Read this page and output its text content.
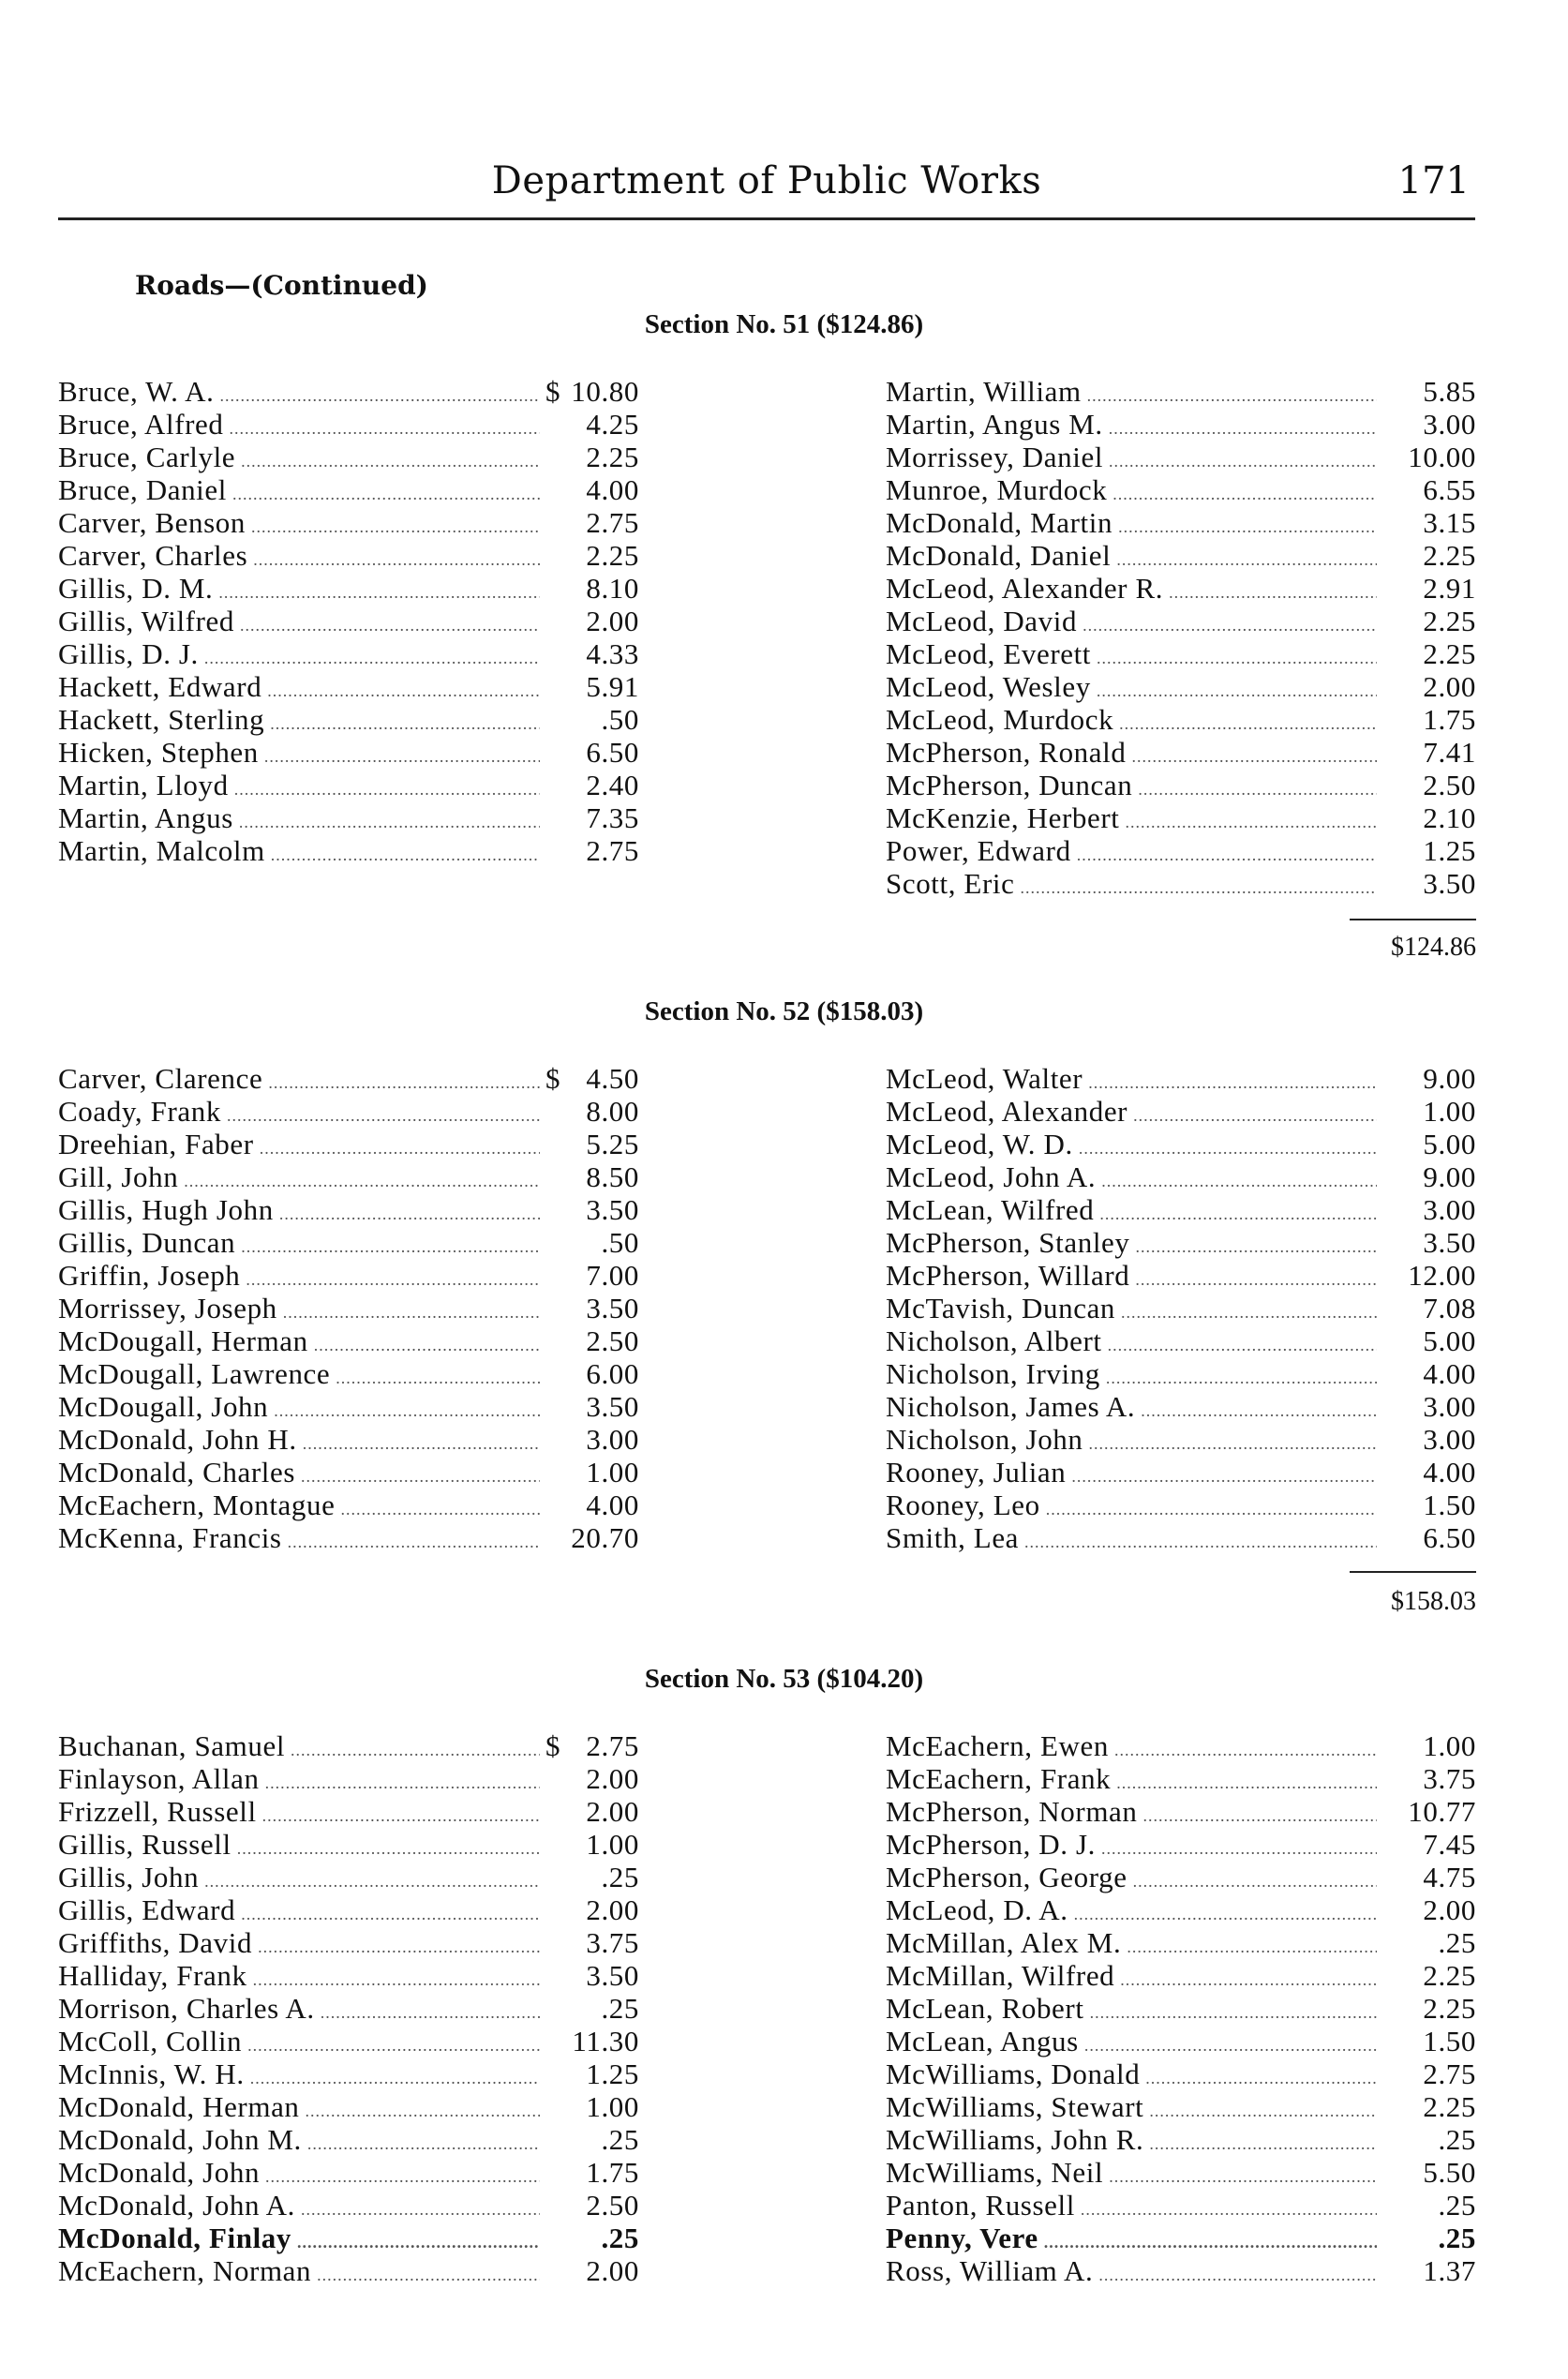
Department of Public Works	171
Roads—(Continued)
Section No. 51 ($124.86)
Bruce, W. A. .....	$ 10.80
Bruce, Alfred .....	4.25
Bruce, Carlyle .....	2.25
Bruce, Daniel .....	4.00
Carver, Benson .....	2.75
Carver, Charles .....	2.25
Gillis, D. M. .....	8.10
Gillis, Wilfred .....	2.00
Gillis, D. J. .....	4.33
Hackett, Edward .....	5.91
Hackett, Sterling .....	.50
Hicken, Stephen .....	6.50
Martin, Lloyd .....	2.40
Martin, Angus .....	7.35
Martin, Malcolm .....	2.75
Martin, William .....	5.85
Martin, Angus M. .....	3.00
Morrissey, Daniel .....	10.00
Munroe, Murdock .....	6.55
McDonald, Martin .....	3.15
McDonald, Daniel .....	2.25
McLeod, Alexander R. .....	2.91
McLeod, David .....	2.25
McLeod, Everett .....	2.25
McLeod, Wesley .....	2.00
McLeod, Murdock .....	1.75
McPherson, Ronald .....	7.41
McPherson, Duncan .....	2.50
McKenzie, Herbert .....	2.10
Power, Edward .....	1.25
Scott, Eric .....	3.50
$124.86
Section No. 52 ($158.03)
Carver, Clarence .....	$ 4.50
Coady, Frank .....	8.00
Dreehian, Faber .....	5.25
Gill, John .....	8.50
Gillis, Hugh John .....	3.50
Gillis, Duncan .....	.50
Griffin, Joseph .....	7.00
Morrissey, Joseph .....	3.50
McDougall, Herman .....	2.50
McDougall, Lawrence .....	6.00
McDougall, John .....	3.50
McDonald, John H. .....	3.00
McDonald, Charles .....	1.00
McEachern, Montague .....	4.00
McKenna, Francis .....	20.70
McLeod, Walter .....	9.00
McLeod, Alexander .....	1.00
McLeod, W. D. .....	5.00
McLeod, John A. .....	9.00
McLean, Wilfred .....	3.00
McPherson, Stanley .....	3.50
McPherson, Willard .....	12.00
McTavish, Duncan .....	7.08
Nicholson, Albert .....	5.00
Nicholson, Irving .....	4.00
Nicholson, James A. .....	3.00
Nicholson, John .....	3.00
Rooney, Julian .....	4.00
Rooney, Leo .....	1.50
Smith, Lea .....	6.50
$158.03
Section No. 53 ($104.20)
Buchanan, Samuel .....	$ 2.75
Finlayson, Allan .....	2.00
Frizzell, Russell .....	2.00
Gillis, Russell .....	1.00
Gillis, John .....	.25
Gillis, Edward .....	2.00
Griffiths, David .....	3.75
Halliday, Frank .....	3.50
Morrison, Charles A. .....	.25
McColl, Collin .....	11.30
McInnis, W. H. .....	1.25
McDonald, Herman .....	1.00
McDonald, John M. .....	.25
McDonald, John .....	1.75
McDonald, John A. .....	2.50
McDonald, Finlay .....	.25
McEachern, Norman .....	2.00
McEachern, Ewen .....	1.00
McEachern, Frank .....	3.75
McPherson, Norman .....	10.77
McPherson, D. J. .....	7.45
McPherson, George .....	4.75
McLeod, D. A. .....	2.00
McMillan, Alex M. .....	.25
McMillan, Wilfred .....	2.25
McLean, Robert .....	2.25
McLean, Angus .....	1.50
McWilliams, Donald .....	2.75
McWilliams, Stewart .....	2.25
McWilliams, John R. .....	.25
McWilliams, Neil .....	5.50
Panton, Russell .....	.25
Penny, Vere .....	.25
Ross, William A. .....	1.37
